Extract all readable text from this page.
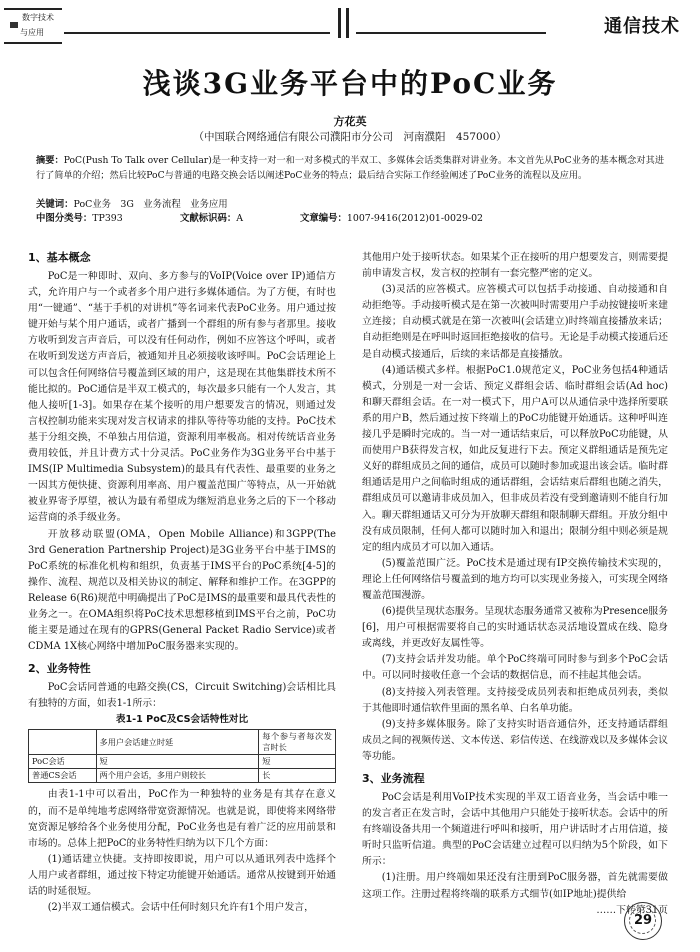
数字技术
与应用	通信技术
浅谈3G业务平台中的PoC业务
方花英
（中国联合网络通信有限公司濮阳市分公司　河南濮阳　457000）
摘要：PoC(Push To Talk over Cellular)是一种支持一对一和一对多模式的半双工、多媒体会话类集群对讲业务。本文首先从PoC业务的基本概念对其进行了简单的介绍；然后比较PoC与普通的电路交换会话以阐述PoC业务的特点；最后结合实际工作经验阐述了PoC业务的流程以及应用。
关键词：PoC业务　3G　业务流程　业务应用
中图分类号：TP393	文献标识码：A	文章编号：1007-9416(2012)01-0029-02
1、基本概念

PoC是一种即时、双向、多方参与的VoIP(Voice over IP)通信方式，允许用户与一个或者多个用户进行多媒体通信。为了方便，有时也用“一键通”、“基于手机的对讲机”等名词来代表PoC业务。用户通过按键开始与某个用户通话，或者广播到一个群组的所有参与者那里。接收方收听到发言声音后，可以没有任何动作，例如不应答这个呼叫，或者在收听到发送方声音后，被通知并且必须接收该呼叫。PoC会话理论上可以包含任何网络信号覆盖到区域的用户，这是现在其他集群技术所不能比拟的。PoC通信是半双工模式的，每次最多只能有一个人发言，其他人接听[1-3]。如果存在某个接听的用户想要发言的情况，则通过发言权控制功能来实现对发言权请求的排队等待等功能的支持。PoC技术基于分组交换，不单独占用信道，资源利用率极高。相对传统话音业务费用较低，并且计费方式十分灵活。PoC业务作为3G业务平台中基于IMS(IP Multimedia Subsystem)的最具有代表性、最重要的业务之一因其方便快捷、资源利用率高、用户覆盖范围广等特点，从一开始就被业界寄予厚望，被认为最有希望成为继短消息业务之后的下一个移动运营商的杀手级业务。

开放移动联盟(OMA，Open Mobile Alliance)和3GPP(The 3rd Generation Partnership Project)是3G业务平台中基于IMS的PoC系统的标准化机构和组织，负责基于IMS平台的PoC系统[4-5]的操作、流程、规范以及相关协议的制定、解释和维护工作。在3GPP的Release 6(R6)规范中明确提出了PoC是IMS的最重要和最具代表性的业务之一。在OMA组织将PoC技术思想移植到IMS平台之前，PoC功能主要是通过在现有的GPRS(General Packet Radio Service)或者CDMA 1X核心网络中增加PoC服务器来实现的。

2、业务特性

PoC会话同普通的电路交换(CS，Circuit Switching)会话相比具有独特的方面，如表1-1所示：

表1-1 PoC及CS会话特性对比
	多用户会话建立时延	每个参与者每次发言时长
PoC会话	短	短
普通CS会话	两个用户会话，多用户则较长	长

由表1-1中可以看出，PoC作为一种独特的业务是有其存在意义的，而不是单纯地考虑网络带宽资源情况。也就是说，即使将来网络带宽资源足够给各个业务使用分配，PoC业务也是有着广泛的应用前景和市场的。总体上把PoC的业务特性归纳为以下几个方面：

(1)通话建立快捷。支持即按即说，用户可以从通讯列表中选择个人用户或者群组，通过按下特定功能键开始通话。通常从按键到开始通话的时延很短。

(2)半双工通信模式。会话中任何时刻只允许有1个用户发言，

其他用户处于接听状态。如果某个正在接听的用户想要发言，则需要提前申请发言权，发言权的控制有一套完整严密的定义。

(3)灵活的应答模式。应答模式可以包括手动接通、自动接通和自动拒绝等。手动接听模式是在第一次被叫时需要用户手动按键接听来建立连接；自动模式就是在第一次被叫(会话建立)时终端直接播放来话；自动拒绝则是在呼叫时返回拒绝接收的信号。无论是手动模式接通后还是自动模式接通后，后续的来话都是直接播放。

(4)通话模式多样。根据PoC1.0规范定义，PoC业务包括4种通话模式，分别是一对一会话、预定义群组会话、临时群组会话(Ad hoc)和聊天群组会话。在一对一模式下，用户A可以从通信录中选择所要联系的用户B，然后通过按下终端上的PoC功能键开始通话。这种呼叫连接几乎是瞬时完成的。当一对一通话结束后，可以释放PoC功能键，从而使用户B获得发言权，如此反复进行下去。预定义群组通话是预先定义好的群组成员之间的通信，成员可以随时参加或退出该会话。临时群组通话是用户之间临时组成的通话群组，会话结束后群组也随之消失，群组成员可以邀请非成员加入，但非成员若没有受到邀请则不能自行加入。聊天群组通话又可分为开放聊天群组和限制聊天群组。开放分组中没有成员限制，任何人都可以随时加入和退出；限制分组中则必须是规定的组内成员才可以加入通话。

(5)覆盖范围广泛。PoC技术是通过现有IP交换传输技术实现的，理论上任何网络信号覆盖到的地方均可以实现业务接入，可实现全网络覆盖范围漫游。

(6)提供呈现状态服务。呈现状态服务通常又被称为Presence服务[6]，用户可根据需要将自己的实时通话状态灵活地设置成在线、隐身或离线，并更改好友属性等。

(7)支持会话并发功能。单个PoC终端可同时参与到多个PoC会话中。可以同时接收任意一个会话的数据信息，而不挂起其他会话。

(8)支持接入列表管理。支持接受成员列表和拒绝成员列表，类似于其他即时通信软件里面的黑名单、白名单功能。

(9)支持多媒体服务。除了支持实时语音通信外，还支持通话群组成员之间的视频传送、文本传送、彩信传送、在线游戏以及多媒体会议等功能。

3、业务流程

PoC会话是利用VoIP技术实现的半双工语音业务，当会话中唯一的发言者正在发言时，会话中其他用户只能处于接听状态。会话中的所有终端设备共用一个频道进行呼叫和接听，用户讲话时才占用信道，接听时只监听信道。典型的PoC会话建立过程可以归纳为5个阶段，如下所示：

(1)注册。用户终端如果还没有注册到PoC服务器，首先就需要做这项工作。注册过程将终端的联系方式细节(如IP地址)提供给

……下转第31页
29
